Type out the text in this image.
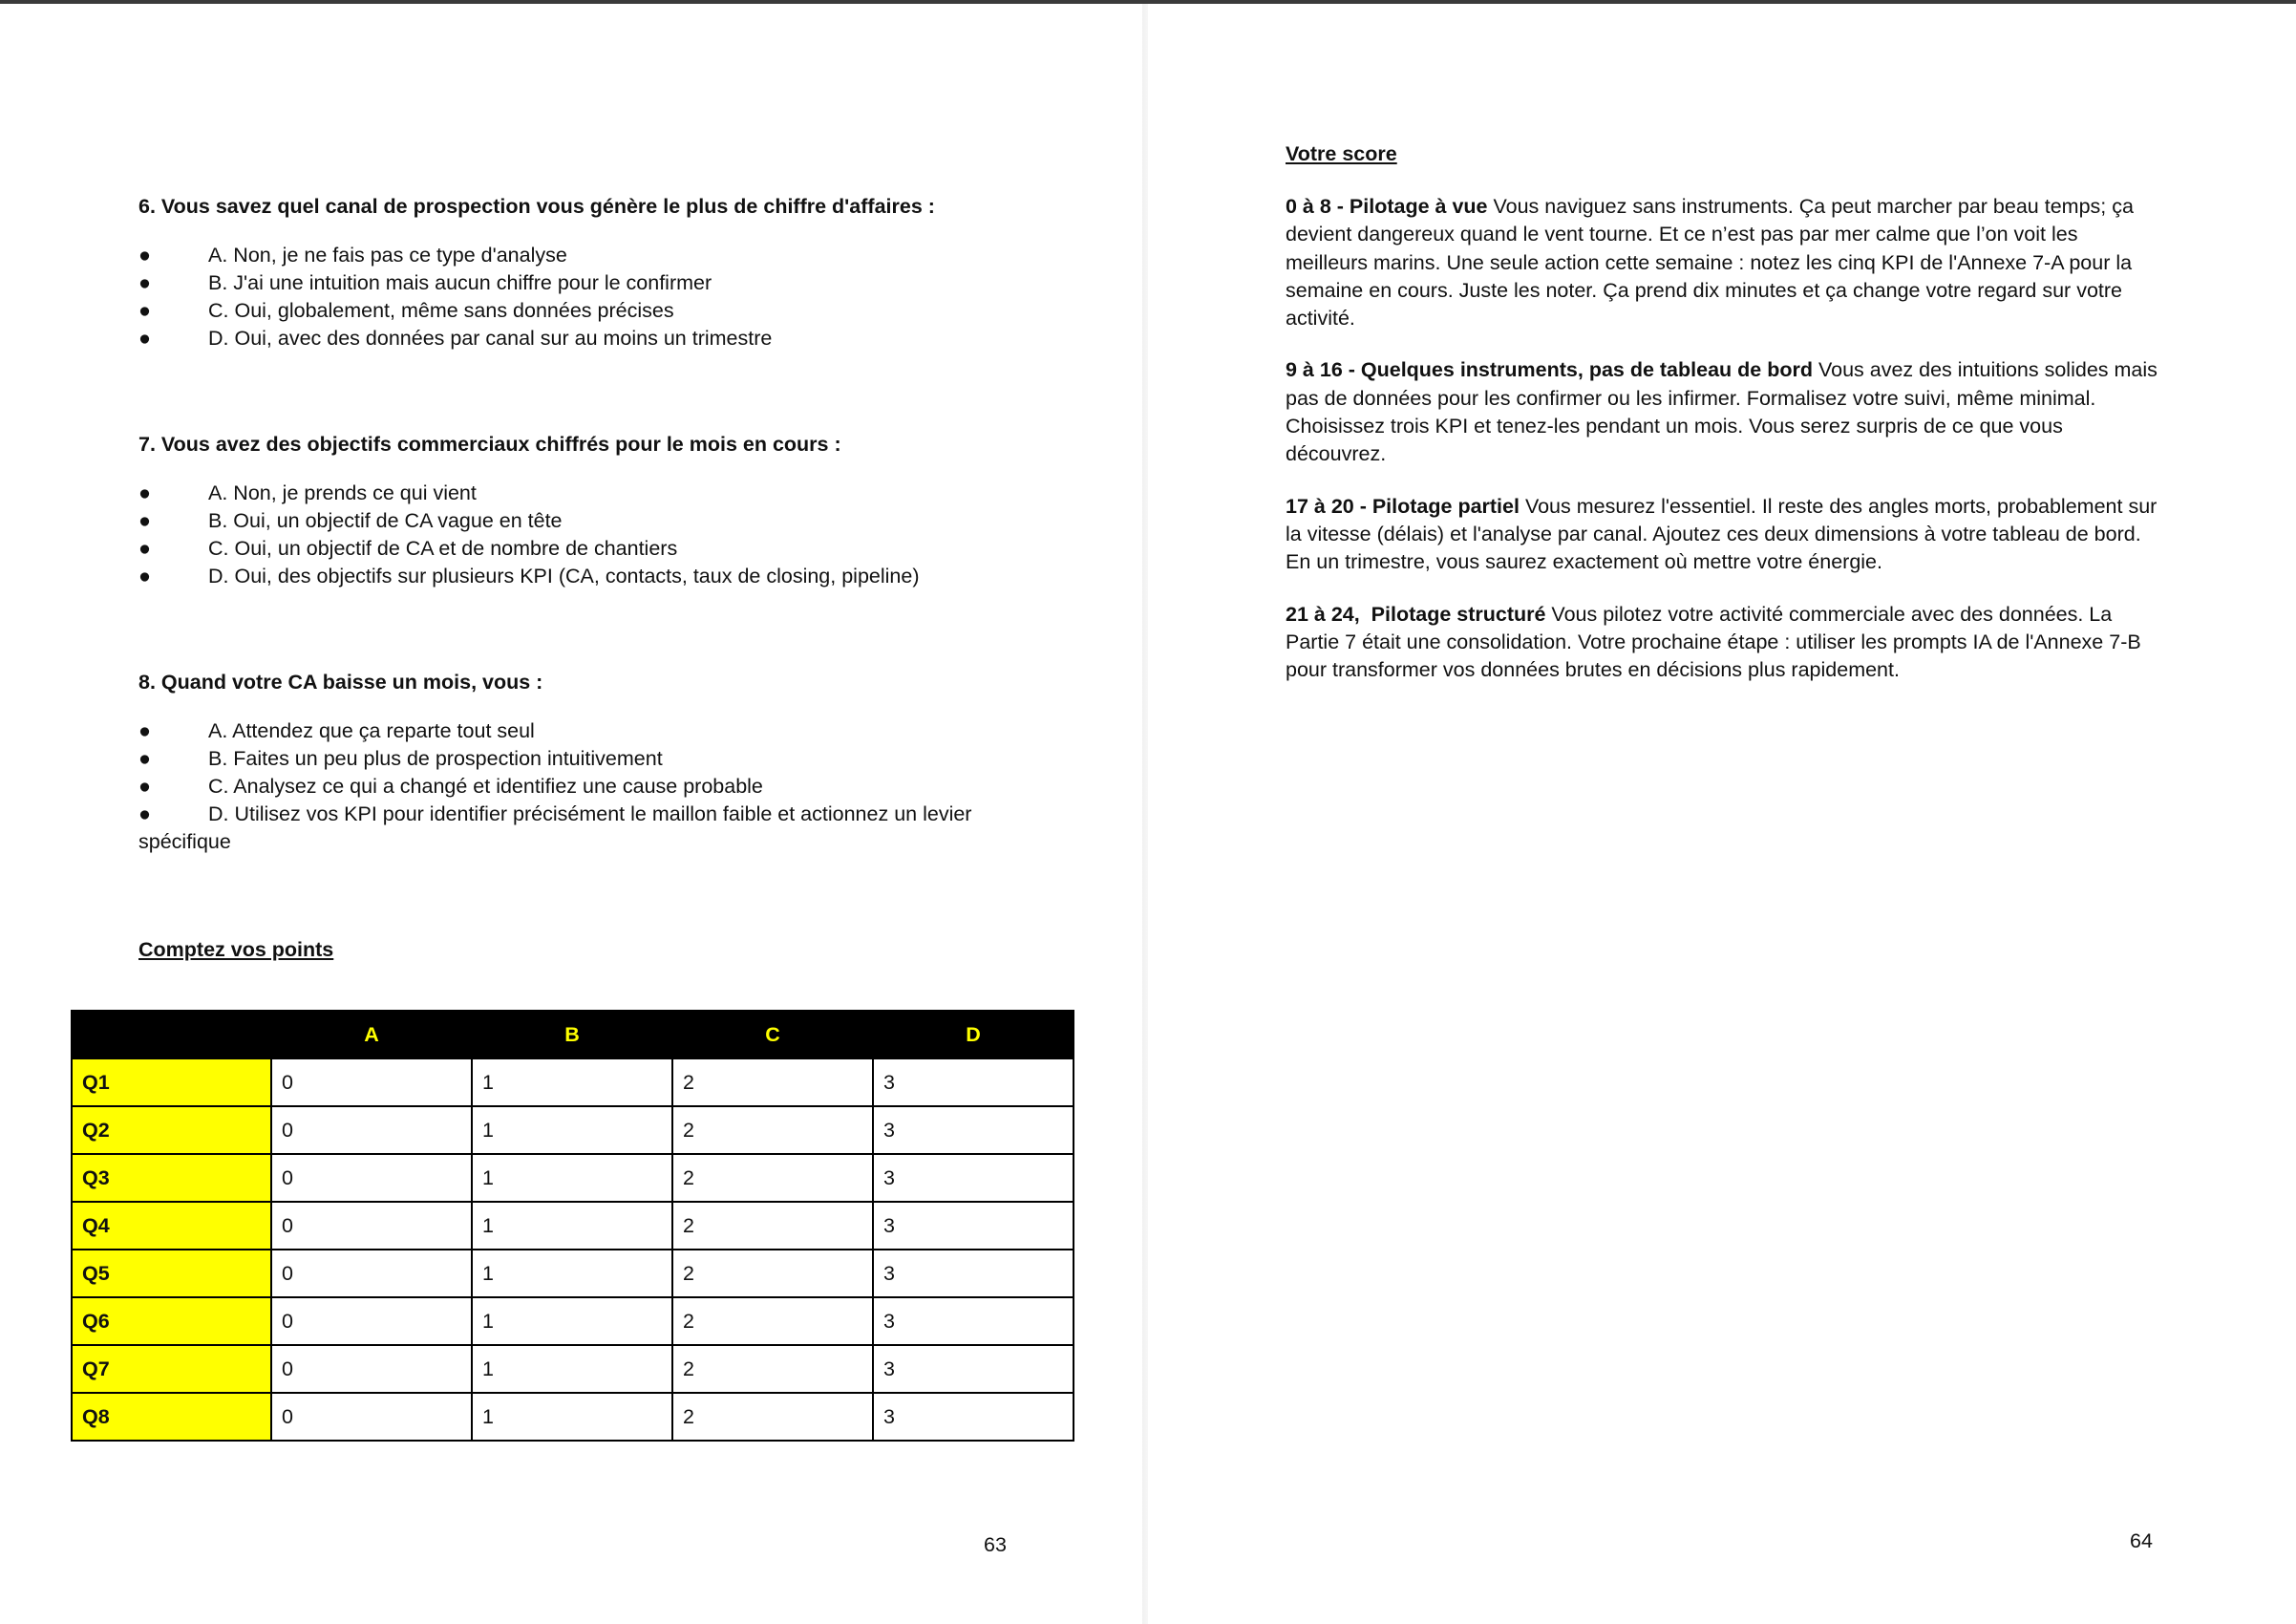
6. Vous savez quel canal de prospection vous génère le plus de chiffre d'affaires :

●	A. Non, je ne fais pas ce type d'analyse
●	B. J'ai une intuition mais aucun chiffre pour le confirmer
●	C. Oui, globalement, même sans données précises
●	D. Oui, avec des données par canal sur au moins un trimestre

7. Vous avez des objectifs commerciaux chiffrés pour le mois en cours :

●	A. Non, je prends ce qui vient
●	B. Oui, un objectif de CA vague en tête
●	C. Oui, un objectif de CA et de nombre de chantiers
●	D. Oui, des objectifs sur plusieurs KPI (CA, contacts, taux de closing, pipeline)

8. Quand votre CA baisse un mois, vous :

●	A. Attendez que ça reparte tout seul
●	B. Faites un peu plus de prospection intuitivement
●	C. Analysez ce qui a changé et identifiez une cause probable
●	D. Utilisez vos KPI pour identifier précisément le maillon faible et actionnez un levier spécifique
Comptez vos points
	A	B	C	D
Q1	0	1	2	3
Q2	0	1	2	3
Q3	0	1	2	3
Q4	0	1	2	3
Q5	0	1	2	3
Q6	0	1	2	3
Q7	0	1	2	3
Q8	0	1	2	3
63
Votre score

0 à 8 - Pilotage à vue Vous naviguez sans instruments. Ça peut marcher par beau temps; ça devient dangereux quand le vent tourne. Et ce n’est pas par mer calme que l’on voit les meilleurs marins. Une seule action cette semaine : notez les cinq KPI de l'Annexe 7-A pour la semaine en cours. Juste les noter. Ça prend dix minutes et ça change votre regard sur votre activité.

9 à 16 - Quelques instruments, pas de tableau de bord Vous avez des intuitions solides mais pas de données pour les confirmer ou les infirmer. Formalisez votre suivi, même minimal. Choisissez trois KPI et tenez-les pendant un mois. Vous serez surpris de ce que vous découvrez.

17 à 20 - Pilotage partiel Vous mesurez l'essentiel. Il reste des angles morts, probablement sur la vitesse (délais) et l'analyse par canal. Ajoutez ces deux dimensions à votre tableau de bord. En un trimestre, vous saurez exactement où mettre votre énergie.

21 à 24,  Pilotage structuré Vous pilotez votre activité commerciale avec des données. La Partie 7 était une consolidation. Votre prochaine étape : utiliser les prompts IA de l'Annexe 7-B pour transformer vos données brutes en décisions plus rapidement.

64
